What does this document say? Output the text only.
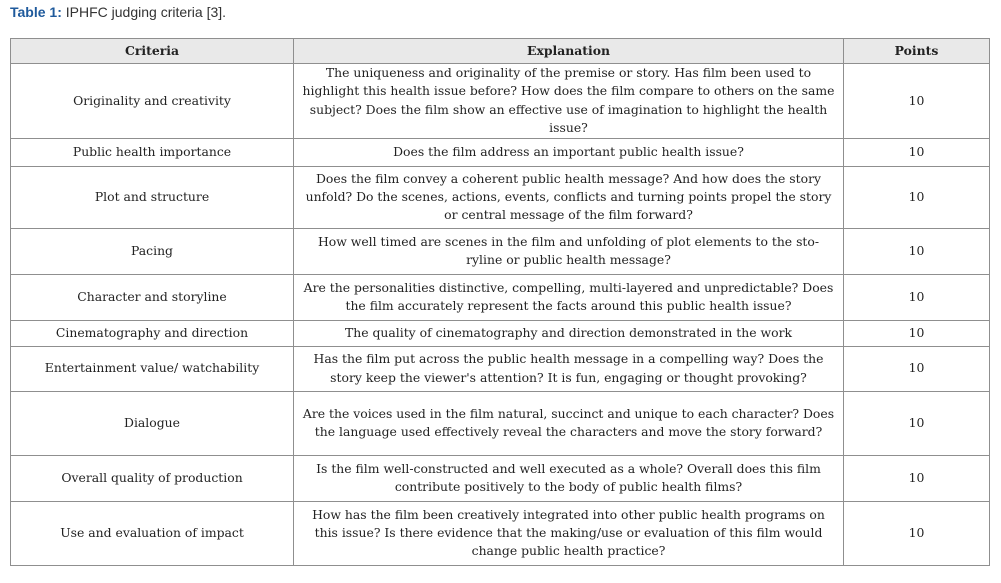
Table 1: IPHFC judging criteria [3].
Criteria	Explanation	Points
Originality and creativity	The uniqueness and originality of the premise or story. Has film been used to highlight this health issue before? How does the film compare to others on the same subject? Does the film show an effective use of imagination to highlight the health issue?	10
Public health importance	Does the film address an important public health issue?	10
Plot and structure	Does the film convey a coherent public health message? And how does the story unfold? Do the scenes, actions, events, conflicts and turning points propel the story or central message of the film forward?	10
Pacing	How well timed are scenes in the film and unfolding of plot elements to the sto-ryline or public health message?	10
Character and storyline	Are the personalities distinctive, compelling, multi-layered and unpredictable? Does the film accurately represent the facts around this public health issue?	10
Cinematography and direction	The quality of cinematography and direction demonstrated in the work	10
Entertainment value/ watchability	Has the film put across the public health message in a compelling way? Does the story keep the viewer's attention? It is fun, engaging or thought provoking?	10
Dialogue	Are the voices used in the film natural, succinct and unique to each character? Does the language used effectively reveal the characters and move the story forward?	10
Overall quality of production	Is the film well-constructed and well executed as a whole? Overall does this film contribute positively to the body of public health films?	10
Use and evaluation of impact	How has the film been creatively integrated into other public health programs on this issue? Is there evidence that the making/use or evaluation of this film would change public health practice?	10
